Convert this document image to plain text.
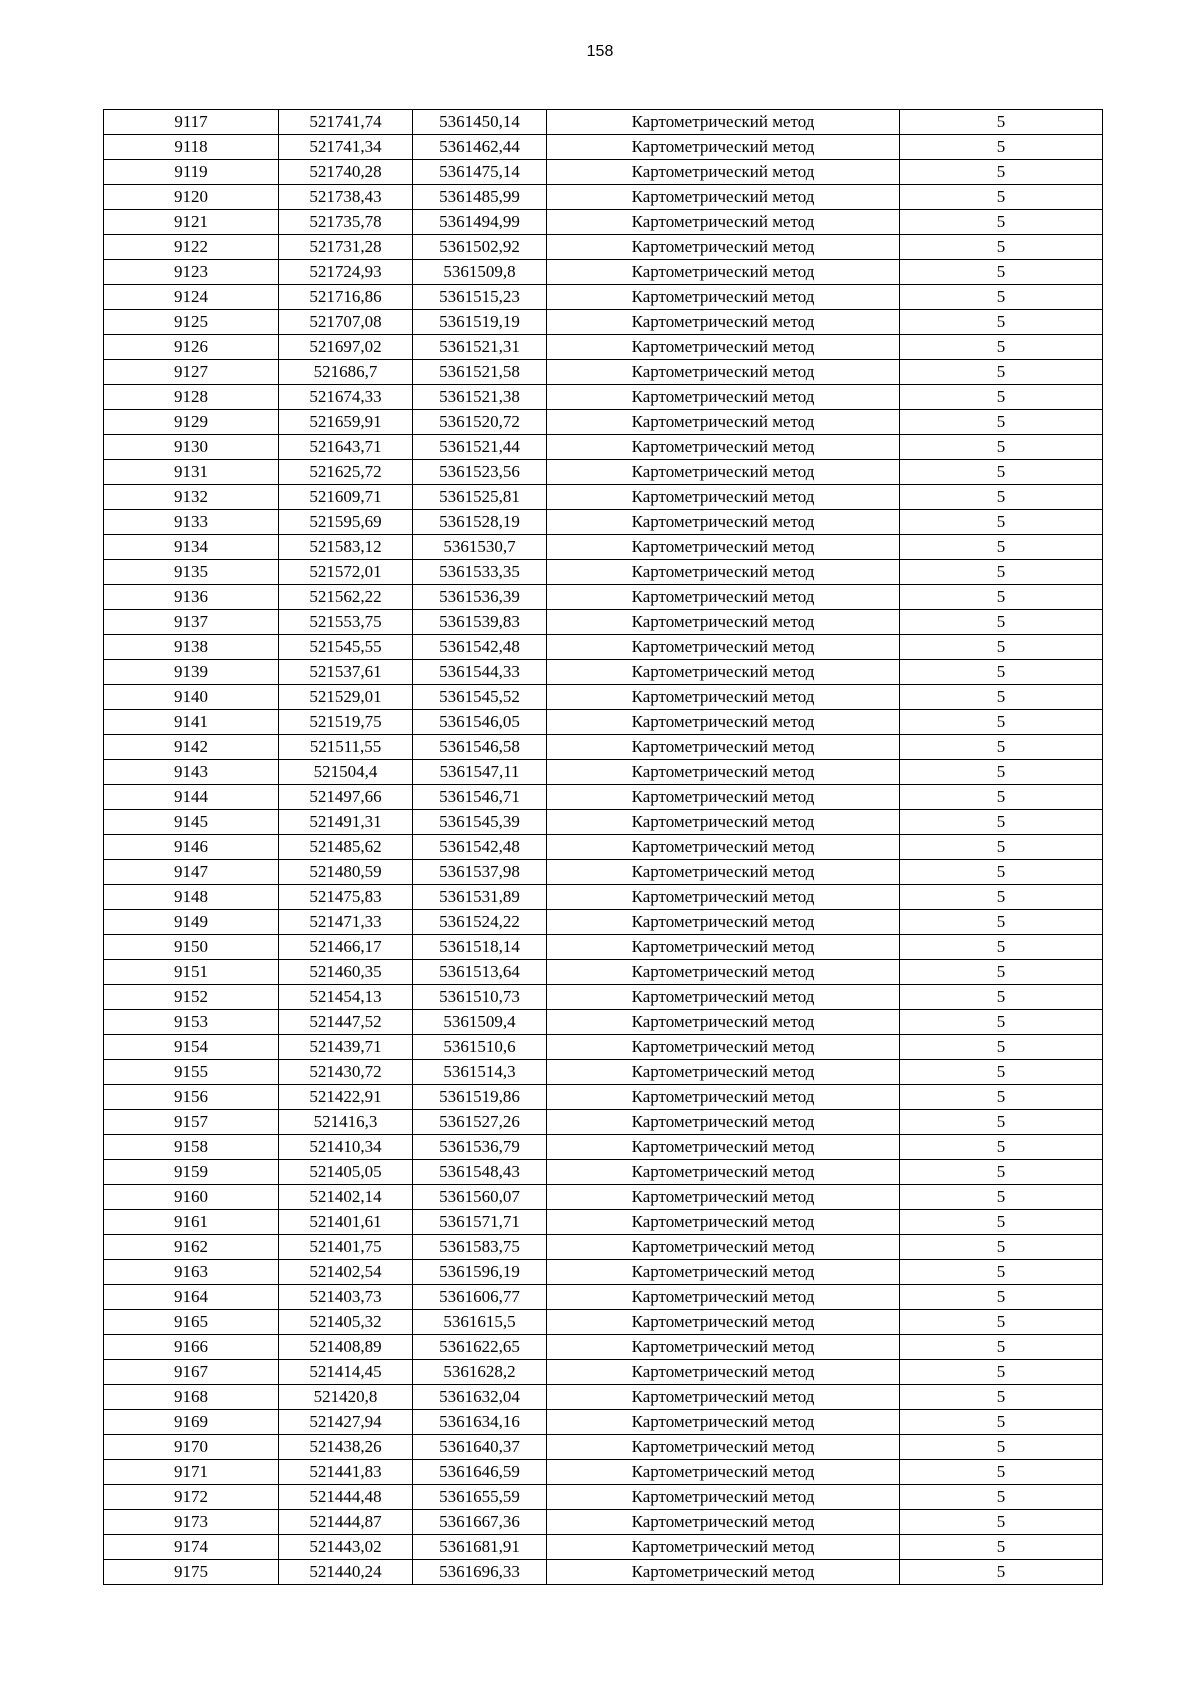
158
9117	521741,74	5361450,14	Картометрический метод	5
9118	521741,34	5361462,44	Картометрический метод	5
9119	521740,28	5361475,14	Картометрический метод	5
9120	521738,43	5361485,99	Картометрический метод	5
9121	521735,78	5361494,99	Картометрический метод	5
9122	521731,28	5361502,92	Картометрический метод	5
9123	521724,93	5361509,8	Картометрический метод	5
9124	521716,86	5361515,23	Картометрический метод	5
9125	521707,08	5361519,19	Картометрический метод	5
9126	521697,02	5361521,31	Картометрический метод	5
9127	521686,7	5361521,58	Картометрический метод	5
9128	521674,33	5361521,38	Картометрический метод	5
9129	521659,91	5361520,72	Картометрический метод	5
9130	521643,71	5361521,44	Картометрический метод	5
9131	521625,72	5361523,56	Картометрический метод	5
9132	521609,71	5361525,81	Картометрический метод	5
9133	521595,69	5361528,19	Картометрический метод	5
9134	521583,12	5361530,7	Картометрический метод	5
9135	521572,01	5361533,35	Картометрический метод	5
9136	521562,22	5361536,39	Картометрический метод	5
9137	521553,75	5361539,83	Картометрический метод	5
9138	521545,55	5361542,48	Картометрический метод	5
9139	521537,61	5361544,33	Картометрический метод	5
9140	521529,01	5361545,52	Картометрический метод	5
9141	521519,75	5361546,05	Картометрический метод	5
9142	521511,55	5361546,58	Картометрический метод	5
9143	521504,4	5361547,11	Картометрический метод	5
9144	521497,66	5361546,71	Картометрический метод	5
9145	521491,31	5361545,39	Картометрический метод	5
9146	521485,62	5361542,48	Картометрический метод	5
9147	521480,59	5361537,98	Картометрический метод	5
9148	521475,83	5361531,89	Картометрический метод	5
9149	521471,33	5361524,22	Картометрический метод	5
9150	521466,17	5361518,14	Картометрический метод	5
9151	521460,35	5361513,64	Картометрический метод	5
9152	521454,13	5361510,73	Картометрический метод	5
9153	521447,52	5361509,4	Картометрический метод	5
9154	521439,71	5361510,6	Картометрический метод	5
9155	521430,72	5361514,3	Картометрический метод	5
9156	521422,91	5361519,86	Картометрический метод	5
9157	521416,3	5361527,26	Картометрический метод	5
9158	521410,34	5361536,79	Картометрический метод	5
9159	521405,05	5361548,43	Картометрический метод	5
9160	521402,14	5361560,07	Картометрический метод	5
9161	521401,61	5361571,71	Картометрический метод	5
9162	521401,75	5361583,75	Картометрический метод	5
9163	521402,54	5361596,19	Картометрический метод	5
9164	521403,73	5361606,77	Картометрический метод	5
9165	521405,32	5361615,5	Картометрический метод	5
9166	521408,89	5361622,65	Картометрический метод	5
9167	521414,45	5361628,2	Картометрический метод	5
9168	521420,8	5361632,04	Картометрический метод	5
9169	521427,94	5361634,16	Картометрический метод	5
9170	521438,26	5361640,37	Картометрический метод	5
9171	521441,83	5361646,59	Картометрический метод	5
9172	521444,48	5361655,59	Картометрический метод	5
9173	521444,87	5361667,36	Картометрический метод	5
9174	521443,02	5361681,91	Картометрический метод	5
9175	521440,24	5361696,33	Картометрический метод	5
